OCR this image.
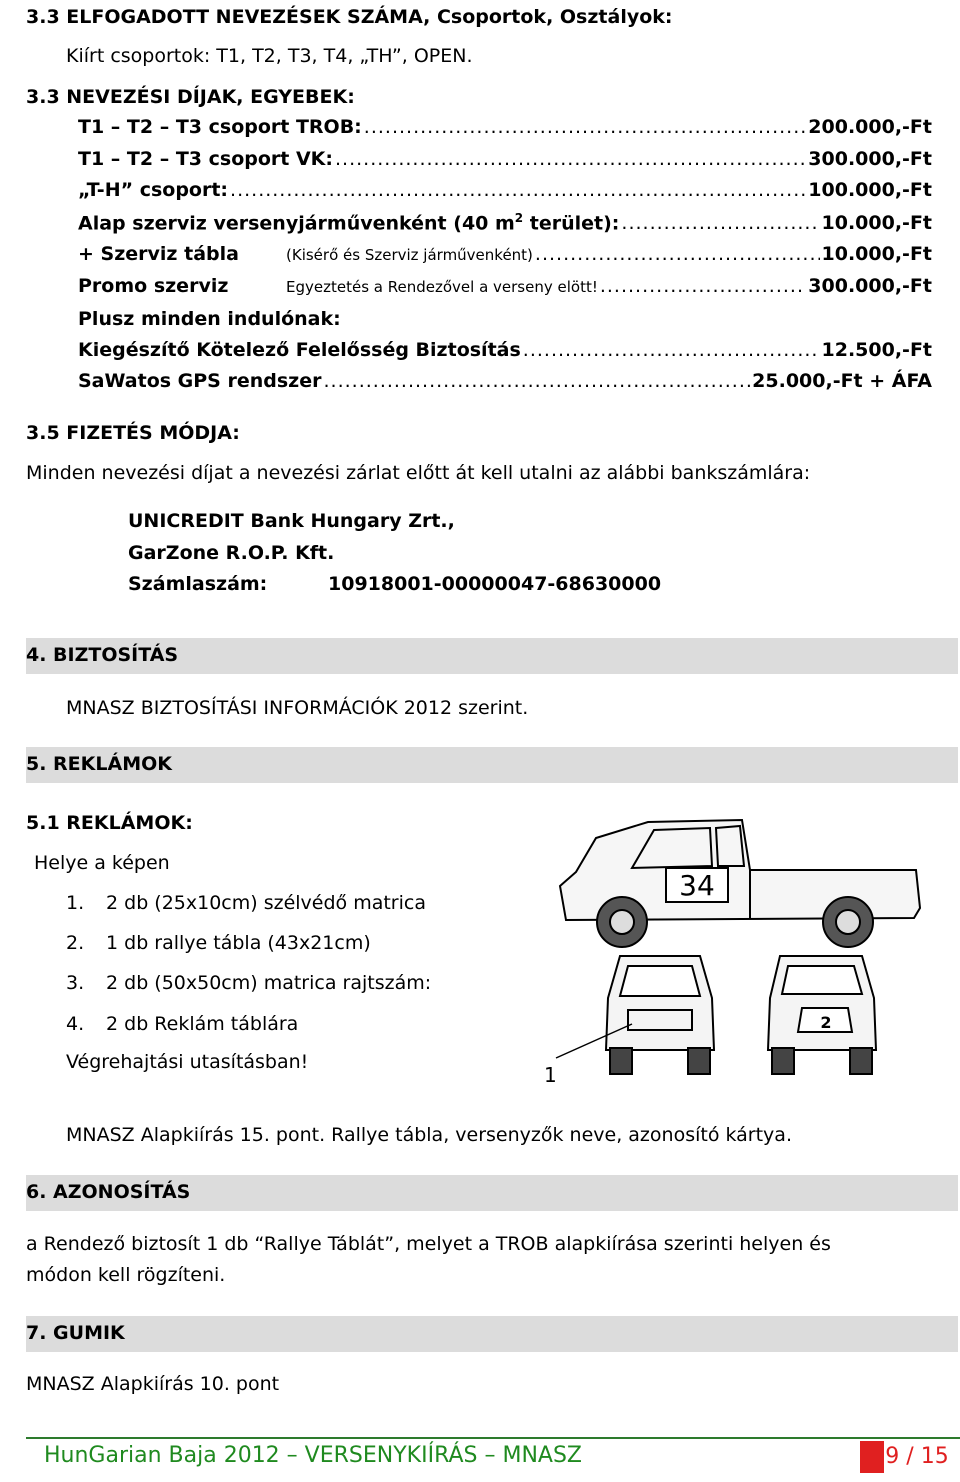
3.3 ELFOGADOTT NEVEZÉSEK SZÁMA, Csoportok, Osztályok:
Kiírt csoportok: T1, T2, T3, T4, „TH”, OPEN.
3.3 NEVEZÉSI DÍJAK, EGYEBEK:
T1 – T2 – T3 csoport TROB: .....	200.000,-Ft
T1 – T2 – T3 csoport VK: .....	300.000,-Ft
„T-H” csoport: .....	100.000,-Ft
Alap szerviz versenyjárművenként (40 $m^2$ terület): .....	10.000,-Ft
+ Szerviz tábla	(Kisérő és Szerviz járművenként) .....	10.000,-Ft
Promo szerviz	Egyeztetés a Rendezővel a verseny elött! .....	300.000,-Ft
Plusz minden indulónak:
Kiegészítő Kötelező Felelősség Biztosítás .....	12.500,-Ft
SaWatos GPS rendszer .....	25.000,-Ft + ÁFA
3.5 FIZETÉS MÓDJA:
Minden nevezési díjat a nevezési zárlat előtt át kell utalni az alábbi bankszámlára:
UNICREDIT Bank Hungary Zrt.,
GarZone R.O.P. Kft.
Számlaszám:	10918001-00000047-68630000
4. BIZTOSÍTÁS
MNASZ BIZTOSÍTÁSI INFORMÁCIÓK 2012 szerint.
5. REKLÁMOK
5.1 REKLÁMOK:
Helye a képen
1. 2 db (25x10cm) szélvédő matrica
2. 1 db rallye tábla (43x21cm)
3. 2 db (50x50cm) matrica rajtszám:
4. 2 db Reklám táblára
Végrehajtási utasításban!
34
2
1
MNASZ Alapkiírás 15. pont. Rallye tábla, versenyzők neve, azonosító kártya.
6. AZONOSÍTÁS
a Rendező biztosít 1 db “Rallye Táblát”, melyet a TROB alapkiírása szerinti helyen és
módon kell rögzíteni.
7. GUMIK
MNASZ Alapkiírás 10. pont
HunGarian Baja 2012 – VERSENYKIÍRÁS – MNASZ	9 / 15
